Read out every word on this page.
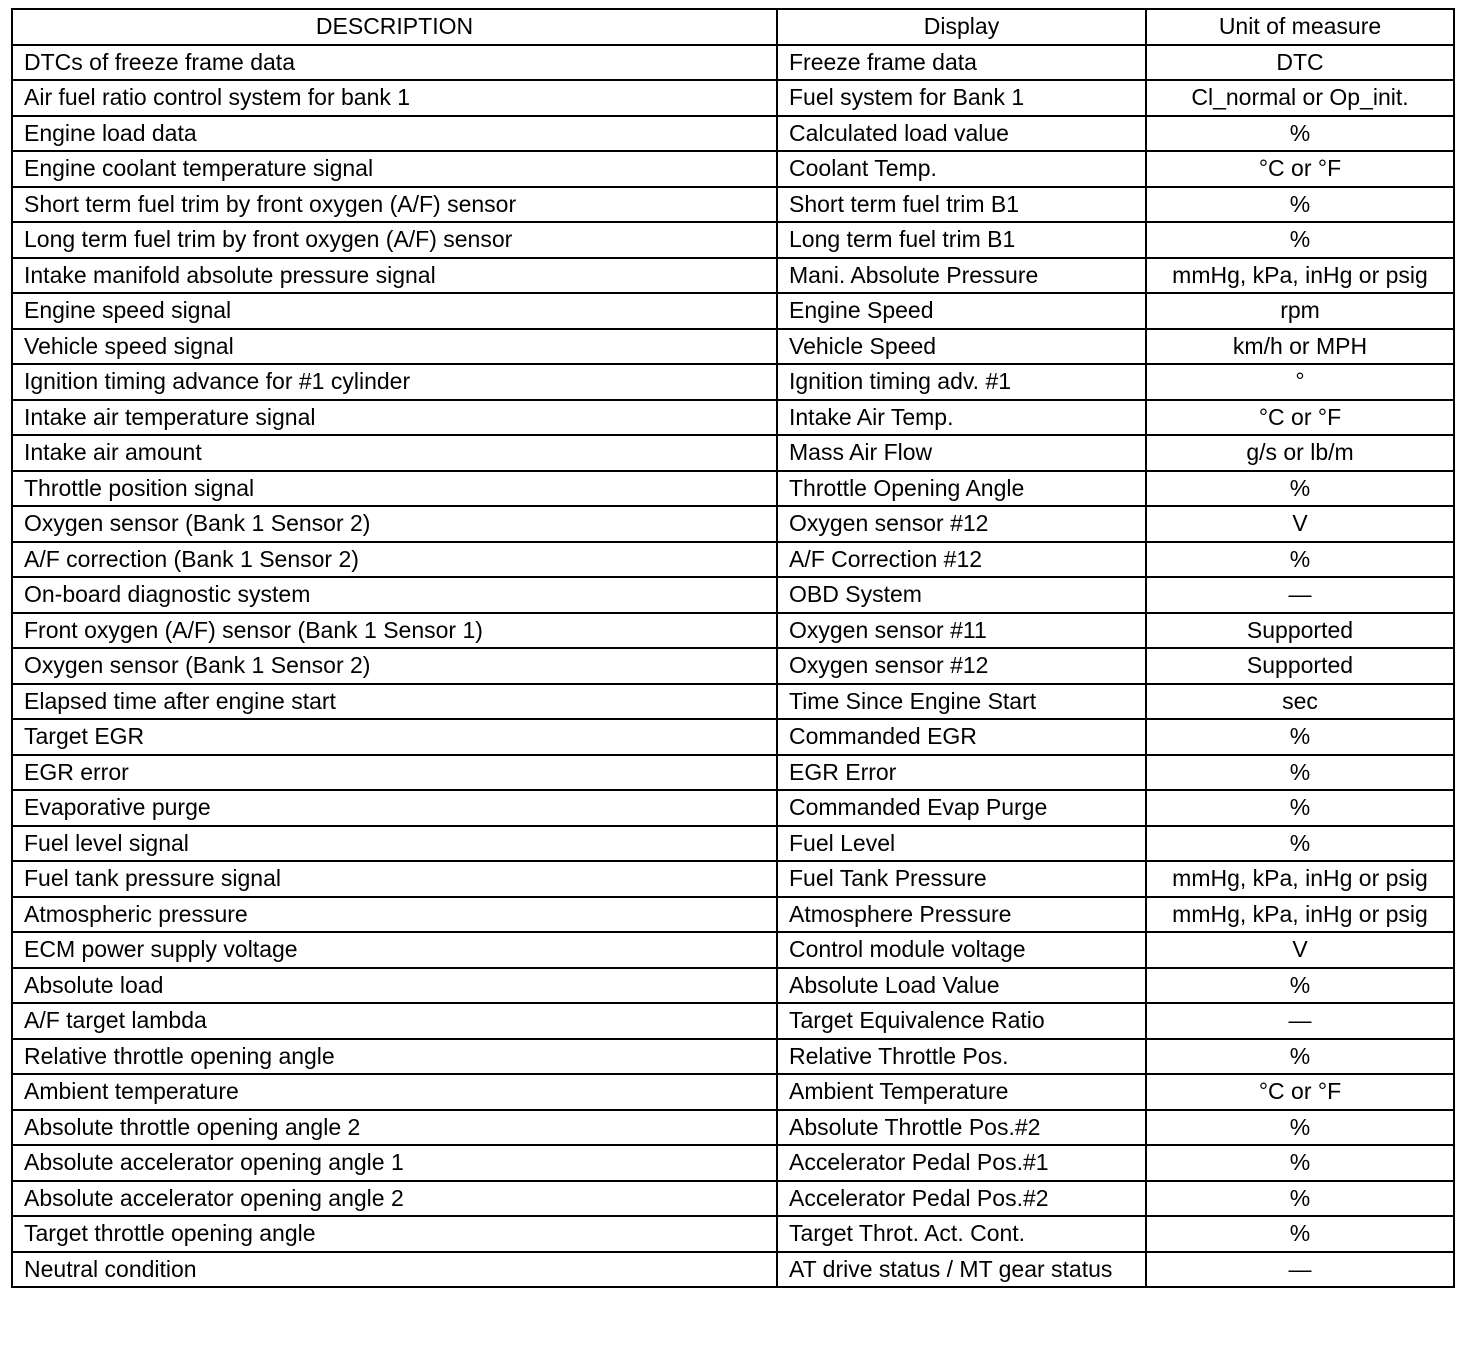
DESCRIPTION	Display	Unit of measure
DTCs of freeze frame data	Freeze frame data	DTC
Air fuel ratio control system for bank 1	Fuel system for Bank 1	Cl_normal or Op_init.
Engine load data	Calculated load value	%
Engine coolant temperature signal	Coolant Temp.	°C or °F
Short term fuel trim by front oxygen (A/F) sensor	Short term fuel trim B1	%
Long term fuel trim by front oxygen (A/F) sensor	Long term fuel trim B1	%
Intake manifold absolute pressure signal	Mani. Absolute Pressure	mmHg, kPa, inHg or psig
Engine speed signal	Engine Speed	rpm
Vehicle speed signal	Vehicle Speed	km/h or MPH
Ignition timing advance for #1 cylinder	Ignition timing adv. #1	°
Intake air temperature signal	Intake Air Temp.	°C or °F
Intake air amount	Mass Air Flow	g/s or lb/m
Throttle position signal	Throttle Opening Angle	%
Oxygen sensor (Bank 1 Sensor 2)	Oxygen sensor #12	V
A/F correction (Bank 1 Sensor 2)	A/F Correction #12	%
On-board diagnostic system	OBD System	—
Front oxygen (A/F) sensor (Bank 1 Sensor 1)	Oxygen sensor #11	Supported
Oxygen sensor (Bank 1 Sensor 2)	Oxygen sensor #12	Supported
Elapsed time after engine start	Time Since Engine Start	sec
Target EGR	Commanded EGR	%
EGR error	EGR Error	%
Evaporative purge	Commanded Evap Purge	%
Fuel level signal	Fuel Level	%
Fuel tank pressure signal	Fuel Tank Pressure	mmHg, kPa, inHg or psig
Atmospheric pressure	Atmosphere Pressure	mmHg, kPa, inHg or psig
ECM power supply voltage	Control module voltage	V
Absolute load	Absolute Load Value	%
A/F target lambda	Target Equivalence Ratio	—
Relative throttle opening angle	Relative Throttle Pos.	%
Ambient temperature	Ambient Temperature	°C or °F
Absolute throttle opening angle 2	Absolute Throttle Pos.#2	%
Absolute accelerator opening angle 1	Accelerator Pedal Pos.#1	%
Absolute accelerator opening angle 2	Accelerator Pedal Pos.#2	%
Target throttle opening angle	Target Throt. Act. Cont.	%
Neutral condition	AT drive status / MT gear status	—
